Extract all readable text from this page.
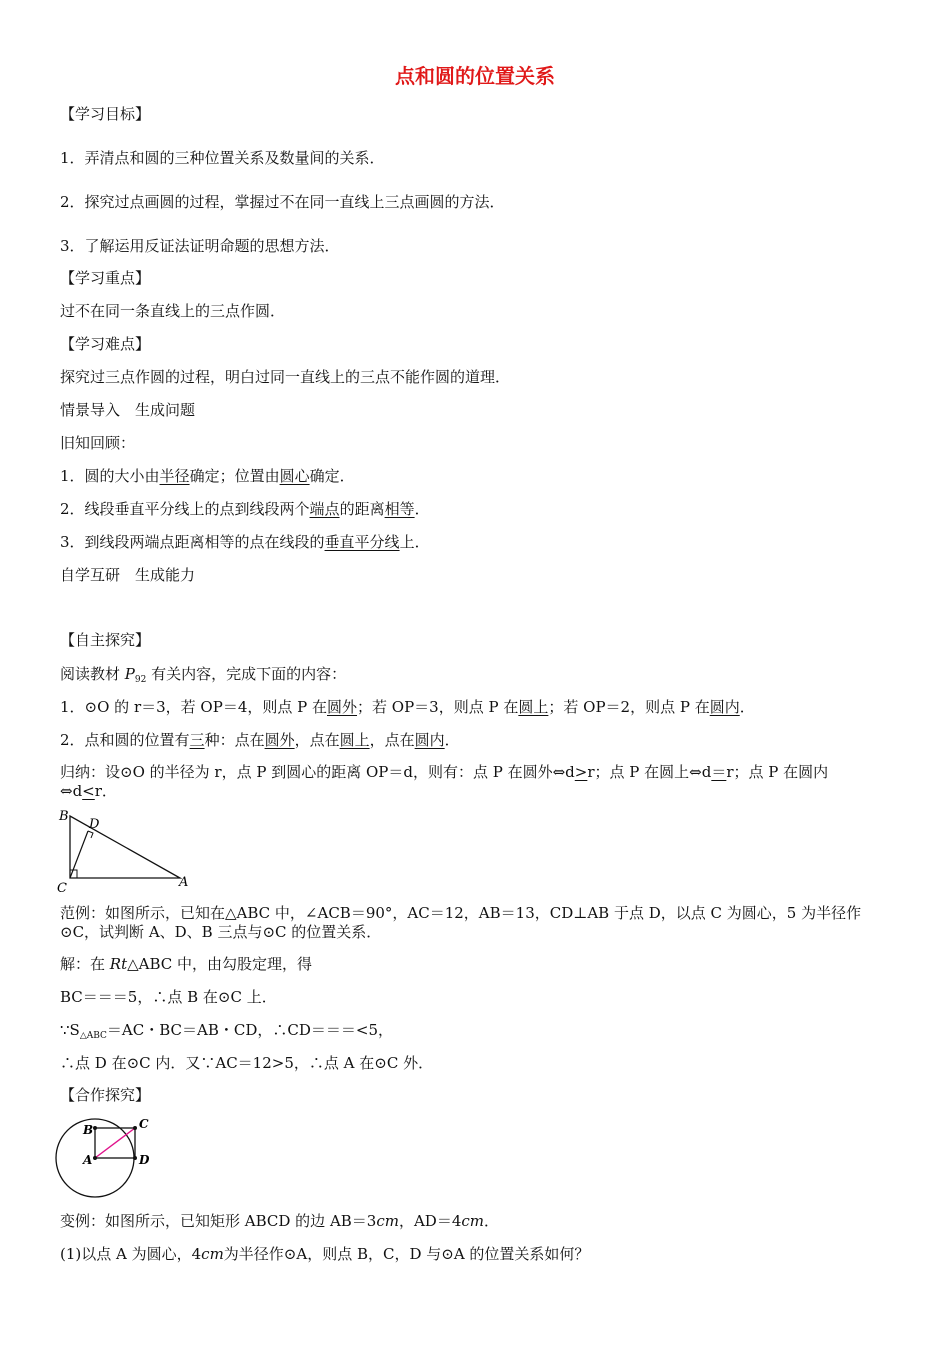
点和圆的位置关系
【学习目标】
1．弄清点和圆的三种位置关系及数量间的关系．
2．探究过点画圆的过程，掌握过不在同一直线上三点画圆的方法．
3．了解运用反证法证明命题的思想方法．
【学习重点】
过不在同一条直线上的三点作圆．
【学习难点】
探究过三点作圆的过程，明白过同一直线上的三点不能作圆的道理．
情景导入　生成问题
旧知回顾：
1．圆的大小由半径确定；位置由圆心确定．
2．线段垂直平分线上的点到线段两个端点的距离相等．
3．到线段两端点距离相等的点在线段的垂直平分线上．
自学互研　生成能力
【自主探究】
阅读教材 $P_{92}$ 有关内容，完成下面的内容：
1．⊙O 的 r＝3，若 OP＝4，则点 P 在圆外；若 OP＝3，则点 P 在圆上；若 OP＝2，则点 P 在圆内．
2．点和圆的位置有三种：点在圆外，点在圆上，点在圆内．
归纳：设⊙O 的半径为 r，点 P 到圆心的距离 OP＝d，则有：点 P 在圆外⇔d>r；点 P 在圆上⇔d＝r；点 P 在圆内
⇔d<r．
B
D
C	A
范例：如图所示，已知在△ABC 中，∠ACB＝90°，AC＝12，AB＝13，CD⊥AB 于点 D，以点 C 为圆心，5 为半径作
⊙C，试判断 A、D、B 三点与⊙C 的位置关系．
解：在 Rt△ABC 中，由勾股定理，得
BC＝＝＝5，∴点 B 在⊙C 上．
$\because S_{\triangle ABC}=AC$・BC＝AB・CD，∴CD＝＝＝<5，
∴点 D 在⊙C 内．又∵AC＝12>5，∴点 A 在⊙C 外．
【合作探究】
B	C
A	D
变例：如图所示，已知矩形 ABCD 的边 AB＝3cm，AD＝4cm．
(1)以点 A 为圆心，4cm为半径作⊙A，则点 B，C，D 与⊙A 的位置关系如何？
